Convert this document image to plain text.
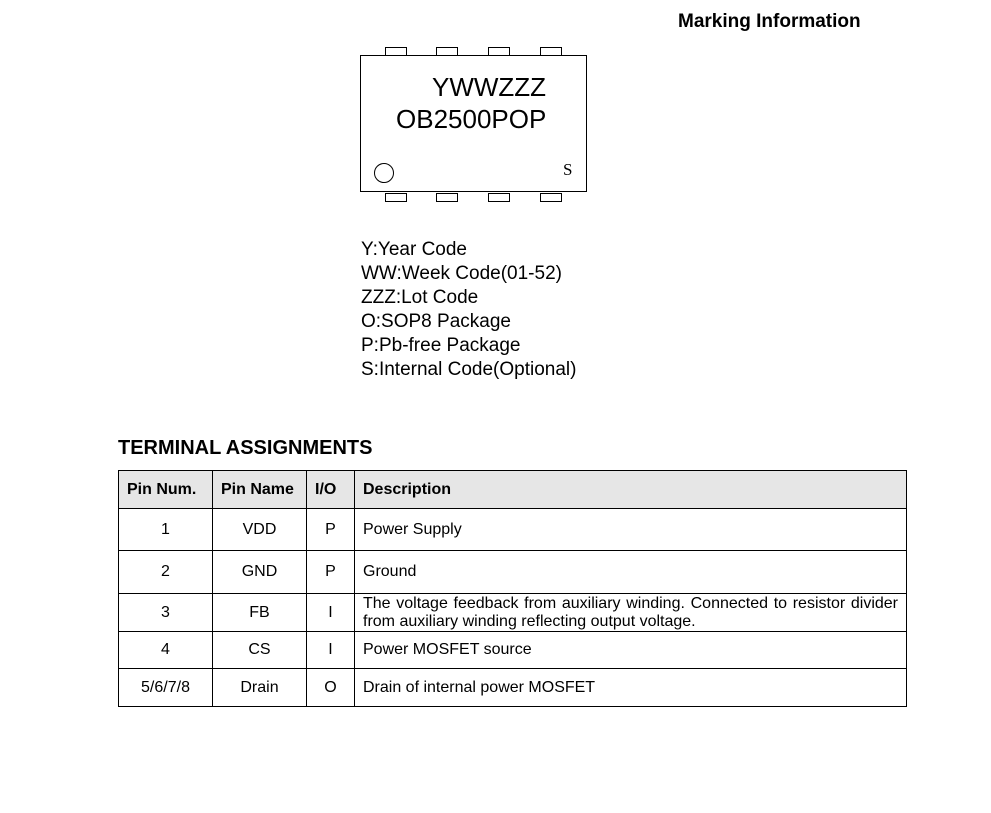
Marking Information
YWWZZZ
OB2500POP
S
Y:Year Code
WW:Week Code(01-52)
ZZZ:Lot Code
O:SOP8 Package
P:Pb-free Package
S:Internal Code(Optional)
TERMINAL ASSIGNMENTS
Pin Num.	Pin Name	I/O	Description
1	VDD	P	Power Supply
2	GND	P	Ground
3	FB	I	The voltage feedback from auxiliary winding. Connected to resistor divider from auxiliary winding reflecting output voltage.
4	CS	I	Power MOSFET source
5/6/7/8	Drain	O	Drain of internal power MOSFET
